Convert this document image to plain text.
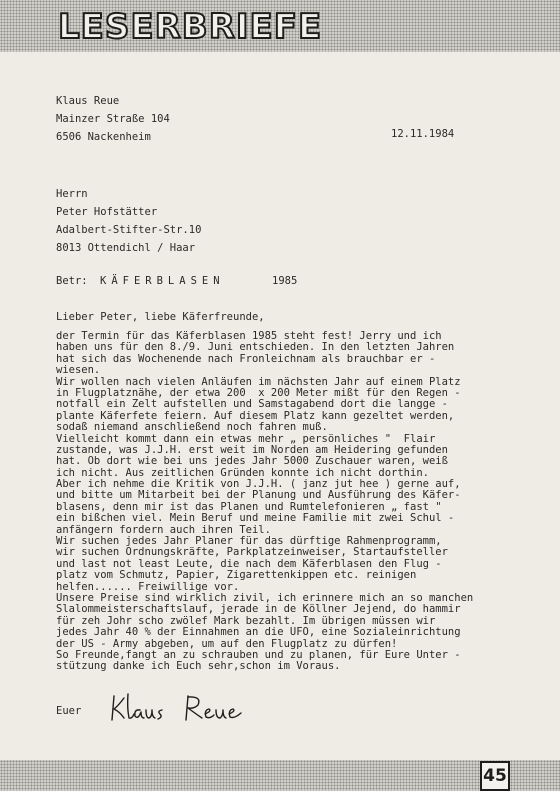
LESERBRIEFE
Klaus Reue
Mainzer Straße 104
6506 Nackenheim	12.11.1984
Herrn
Peter Hofstätter
Adalbert-Stifter-Str.10
8013 Ottendichl / Haar
Betr: KÄFERBLASEN	1985
Lieber Peter, liebe Käferfreunde,
der Termin für das Käferblasen 1985 steht fest! Jerry und ich
haben uns für den 8./9. Juni entschieden. In den letzten Jahren
hat sich das Wochenende nach Fronleichnam als brauchbar er -
wiesen.
Wir wollen nach vielen Anläufen im nächsten Jahr auf einem Platz
in Flugplatznähe, der etwa 200  x 200 Meter mißt für den Regen -
notfall ein Zelt aufstellen und Samstagabend dort die langge -
plante Käferfete feiern. Auf diesem Platz kann gezeltet werden,
sodaß niemand anschließend noch fahren muß.
Vielleicht kommt dann ein etwas mehr „ persönliches "  Flair
zustande, was J.J.H. erst weit im Norden am Heidering gefunden
hat. Ob dort wie bei uns jedes Jahr 5000 Zuschauer waren, weiß
ich nicht. Aus zeitlichen Gründen konnte ich nicht dorthin.
Aber ich nehme die Kritik von J.J.H. ( janz jut hee ) gerne auf,
und bitte um Mitarbeit bei der Planung und Ausführung des Käfer-
blasens, denn mir ist das Planen und Rumtelefonieren „ fast "
ein bißchen viel. Mein Beruf und meine Familie mit zwei Schul -
anfängern fordern auch ihren Teil.
Wir suchen jedes Jahr Planer für das dürftige Rahmenprogramm,
wir suchen Ordnungskräfte, Parkplatzeinweiser, Startaufsteller
und last not least Leute, die nach dem Käferblasen den Flug -
platz vom Schmutz, Papier, Zigarettenkippen etc. reinigen
helfen...... Freiwillige vor.
Unsere Preise sind wirklich zivil, ich erinnere mich an so manchen
Slalommeisterschaftslauf, jerade in de Köllner Jejend, do hammir
für zeh Johr scho zwölef Mark bezahlt. Im übrigen müssen wir
jedes Jahr 40 % der Einnahmen an die UFO, eine Sozialeinrichtung
der US - Army abgeben, um auf den Flugplatz zu dürfen!
So Freunde,fangt an zu schrauben und zu planen, für Eure Unter -
stützung danke ich Euch sehr,schon im Voraus.
Euer
45
